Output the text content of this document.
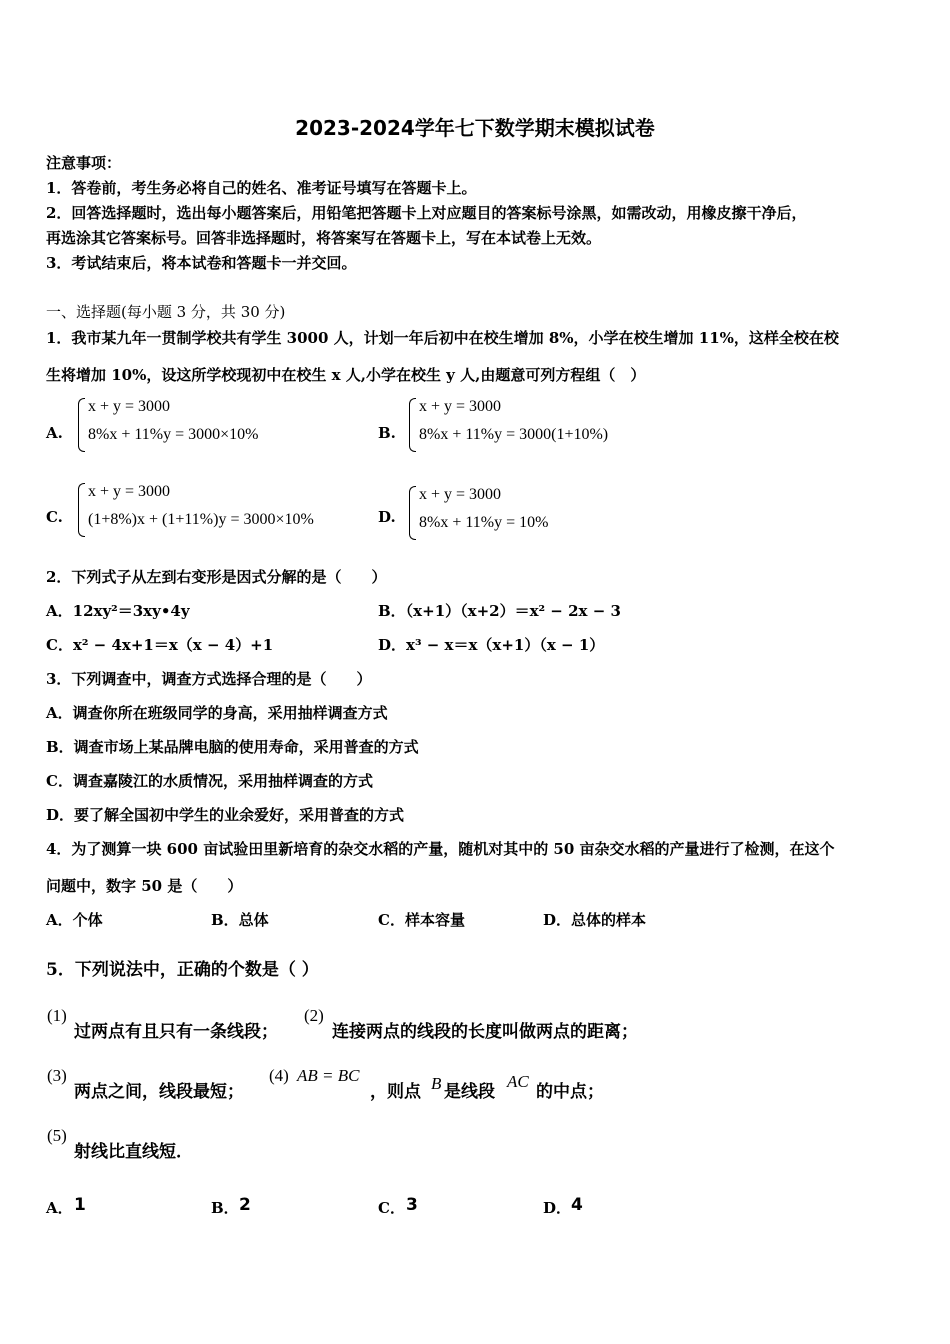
2023-2024学年七下数学期末模拟试卷
注意事项：
1．答卷前，考生务必将自己的姓名、准考证号填写在答题卡上。
2．回答选择题时，选出每小题答案后，用铅笔把答题卡上对应题目的答案标号涂黑，如需改动，用橡皮擦干净后，
再选涂其它答案标号。回答非选择题时，将答案写在答题卡上，写在本试卷上无效。
3．考试结束后，将本试卷和答题卡一并交回。
一、选择题(每小题 3 分，共 30 分)
1．我市某九年一贯制学校共有学生 3000 人，计划一年后初中在校生增加 8%，小学在校生增加 11%，这样全校在校
生将增加 10%，设这所学校现初中在校生 x 人,小学在校生 y 人,由题意可列方程组（　）
A.
x + y = 3000
8%x + 11%y = 3000×10%	B.
x + y = 3000
8%x + 11%y = 3000(1+10%)
C.
x + y = 3000
(1+8%)x + (1+11%)y = 3000×10%	D.
x + y = 3000
8%x + 11%y = 10%
2．下列式子从左到右变形是因式分解的是（　　）
A．12xy²＝3xy•4y	B．（x+1）（x+2）＝x² − 2x − 3
C．x² − 4x+1＝x（x − 4）+1	D．x³ − x＝x（x+1）（x − 1）
3．下列调查中，调查方式选择合理的是（　　）
A．调查你所在班级同学的身高，采用抽样调查方式
B．调查市场上某品牌电脑的使用寿命，采用普查的方式
C．调查嘉陵江的水质情况，采用抽样调查的方式
D．要了解全国初中学生的业余爱好，采用普查的方式
4．为了测算一块 600 亩试验田里新培育的杂交水稻的产量，随机对其中的 50 亩杂交水稻的产量进行了检测，在这个
问题中，数字 50 是（　　）
A．个体	B．总体	C．样本容量	D．总体的样本
5．下列说法中，正确的个数是（ ）
(1)
过两点有且只有一条线段；
(2)
连接两点的线段的长度叫做两点的距离；
(3)
两点之间，线段最短；
(4) AB = BC
，则点 B 是线段
AC
的中点；
(5)
射线比直线短．
A． 1	B． 2	C． 3	D． 4
